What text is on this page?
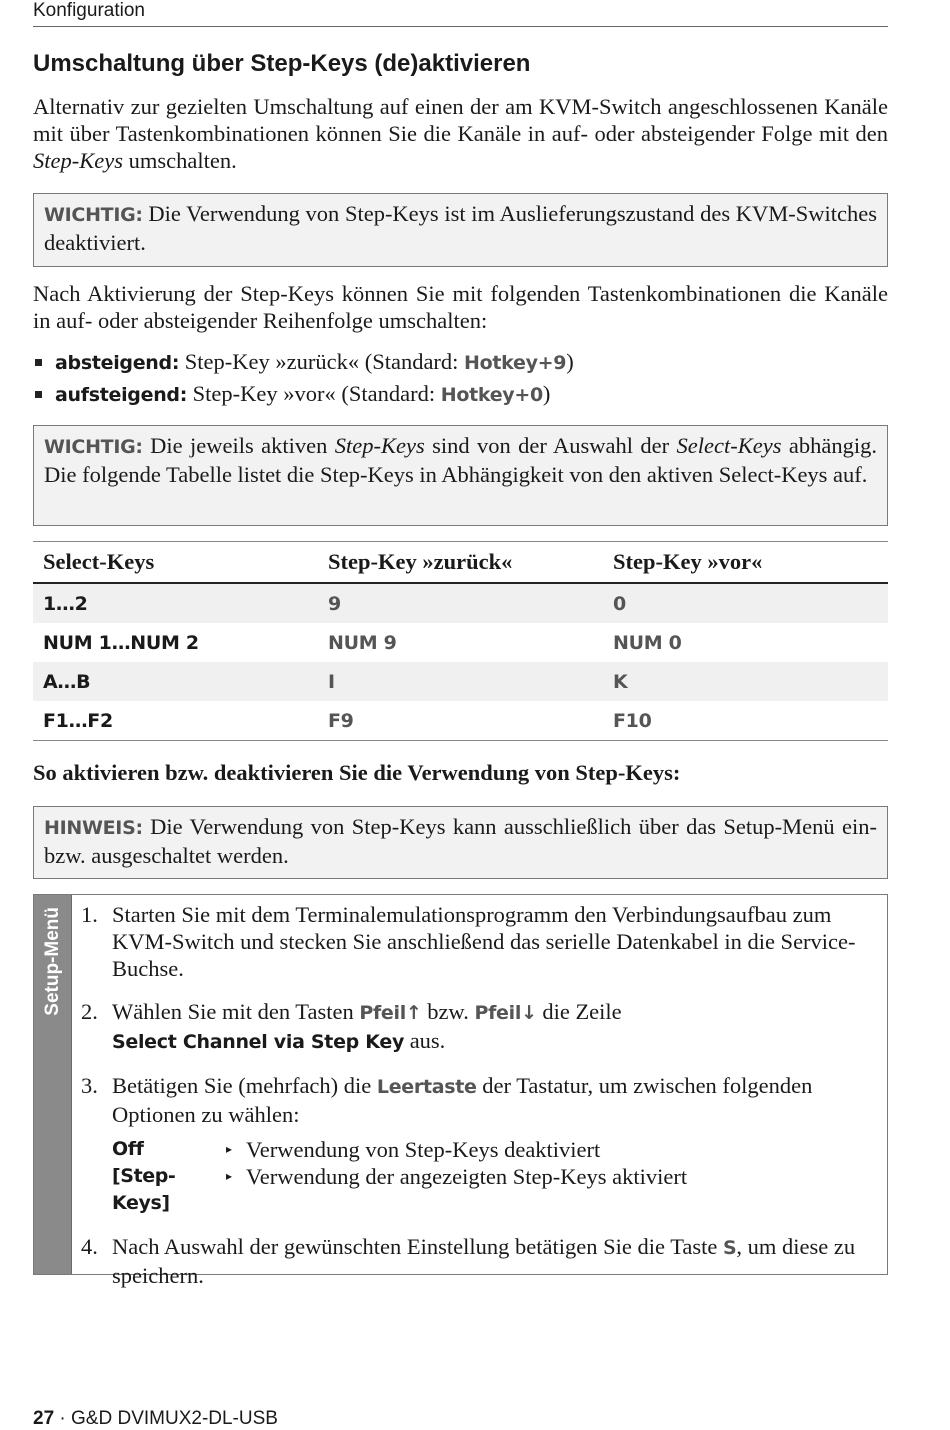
Konfiguration
Umschaltung über Step-Keys (de)aktivieren
Alternativ zur gezielten Umschaltung auf einen der am KVM-Switch angeschlossenen Kanäle mit über Tastenkombinationen können Sie die Kanäle in auf- oder absteigender Folge mit den Step-Keys umschalten.
WICHTIG: Die Verwendung von Step-Keys ist im Auslieferungszustand des KVM-Switches deaktiviert.
Nach Aktivierung der Step-Keys können Sie mit folgenden Tastenkombinationen die Kanäle in auf- oder absteigender Reihenfolge umschalten:
absteigend: Step-Key »zurück« (Standard: Hotkey+9)
aufsteigend: Step-Key »vor« (Standard: Hotkey+0)
WICHTIG: Die jeweils aktiven Step-Keys sind von der Auswahl der Select-Keys abhängig. Die folgende Tabelle listet die Step-Keys in Abhängigkeit von den aktiven Select-Keys auf.
Select-Keys	Step-Key »zurück«	Step-Key »vor«
1…2	9	0
NUM 1…NUM 2	NUM 9	NUM 0
A…B	I	K
F1…F2	F9	F10
So aktivieren bzw. deaktivieren Sie die Verwendung von Step-Keys:
HINWEIS: Die Verwendung von Step-Keys kann ausschließlich über das Setup-Menü ein- bzw. ausgeschaltet werden.
Setup-Menü 1. Starten Sie mit dem Terminalemulationsprogramm den Verbindungsaufbau zum KVM-Switch und stecken Sie anschließend das serielle Datenkabel in die Service-Buchse.
2. Wählen Sie mit den Tasten Pfeil↑ bzw. Pfeil↓ die Zeile
Select Channel via Step Key aus.
3. Betätigen Sie (mehrfach) die Leertaste der Tastatur, um zwischen folgenden Optionen zu wählen:
Off	▸ Verwendung von Step-Keys deaktiviert
[Step-Keys]
▸ Verwendung der angezeigten Step-Keys aktiviert
4. Nach Auswahl der gewünschten Einstellung betätigen Sie die Taste S, um diese zu speichern.
27 · G&D DVIMUX2-DL-USB
